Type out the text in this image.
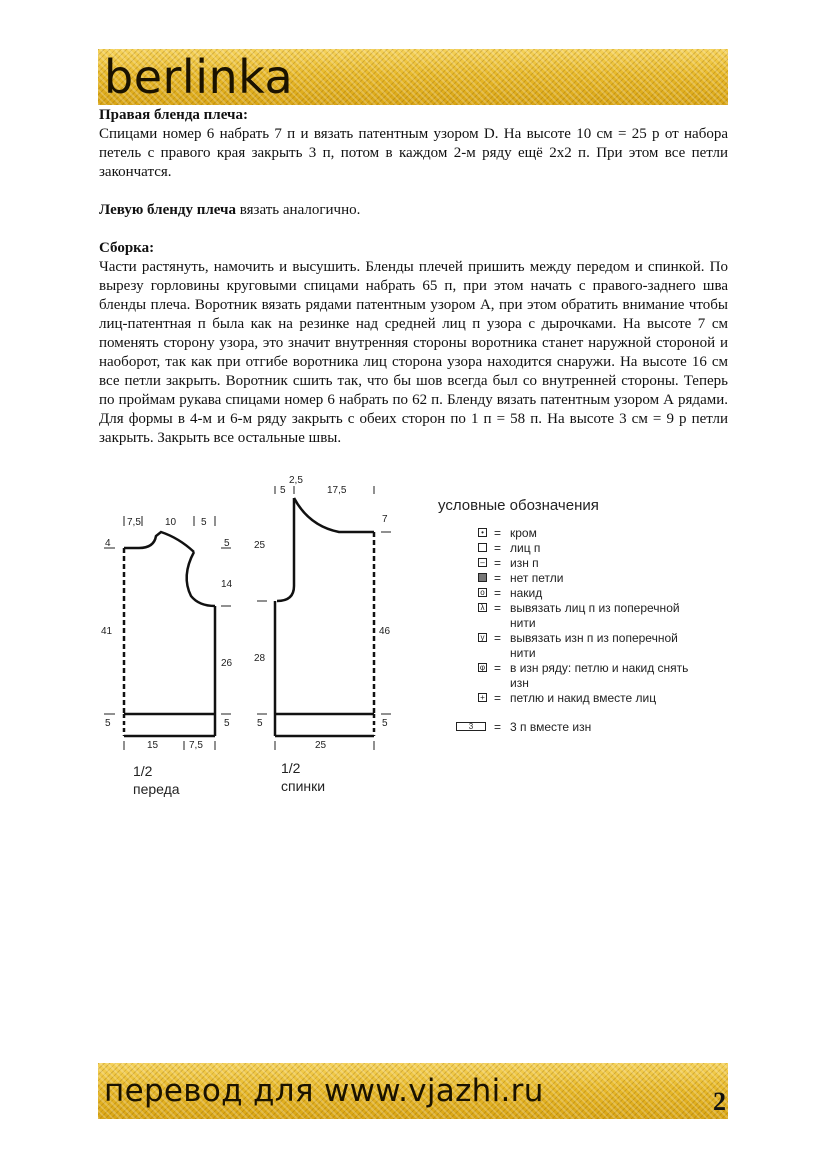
berlinka

Правая бленда плеча:
Спицами номер 6 набрать 7 п и вязать патентным узором D. На высоте 10 см = 25 р от набора петель с правого края закрыть 3 п, потом в каждом 2-м ряду ещё 2х2 п. При этом все петли закончатся.

Левую бленду плеча вязать аналогично.

Сборка:
Части растянуть, намочить и высушить. Бленды плечей пришить между передом и спинкой. По вырезу горловины круговыми спицами набрать 65 п, при этом начать с правого-заднего шва бленды плеча. Воротник вязать рядами патентным узором А, при этом обратить внимание чтобы лиц-патентная п была как на резинке над средней лиц п узора с дырочками. На высоте 7 см поменять сторону узора, это значит внутренняя стороны воротника станет наружной стороной и наоборот, так как при отгибе воротника лиц сторона узора находится снаружи. На высоте 16 см все петли закрыть. Воротник сшить так, что бы шов всегда был со внутренней стороны. Теперь по проймам рукава спицами номер 6 набрать по 62 п. Бленду вязать патентным узором А рядами. Для формы в 4-м и 6-м ряду закрыть с обеих сторон по 1 п = 58 п. На высоте 3 см = 9 р петли закрыть. Закрыть все остальные швы.

7,5 10 5
4
41
5
5
14
26
5
15	7,5
1/2
переда
2,5
5	17,5
25
28
5
7
46
5
25
1/2
спинки
условные обозначения
• = кром
= лиц п
– = изн п
= нет петли
o = накид
λ = вывязать лиц п из поперечной
нити
y = вывязать изн п из поперечной
нити
φ = в изн ряду: петлю и накид снять
изн
+ = петлю и накид вместе лиц
3	= 3 п вместе изн
перевод для www.vjazhi.ru	2
